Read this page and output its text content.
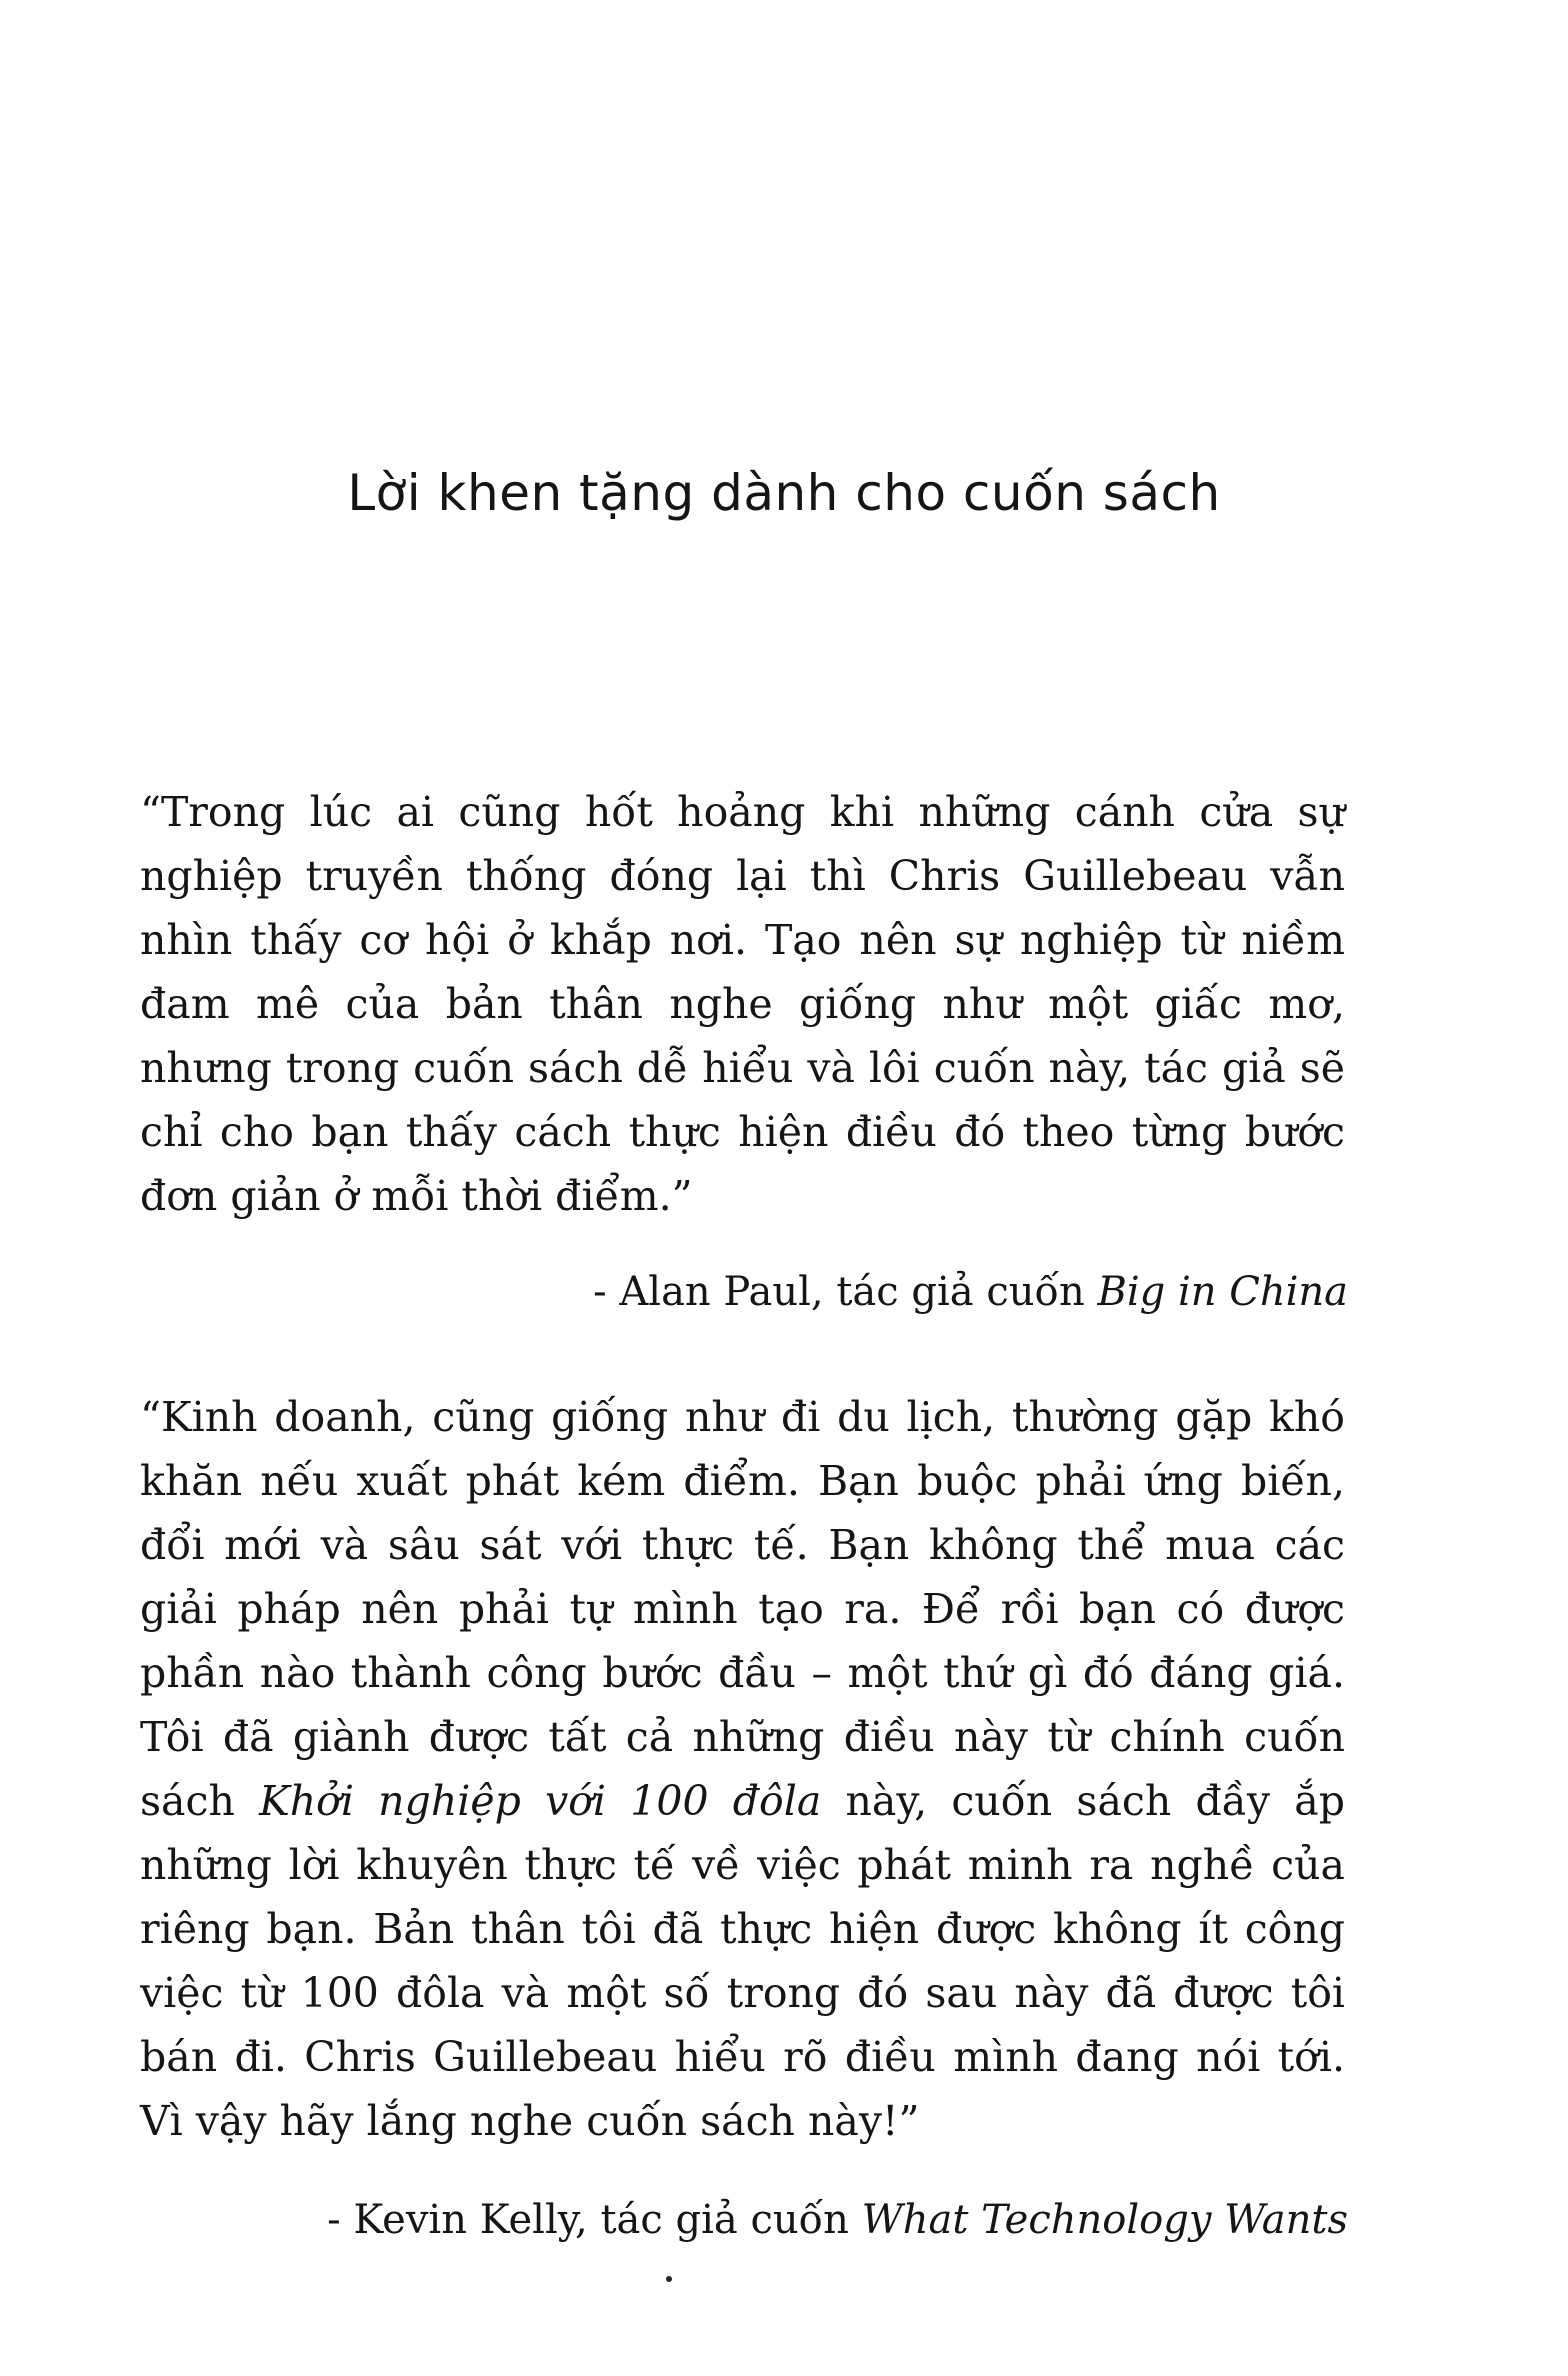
Lời khen tặng dành cho cuốn sách
“Trong lúc ai cũng hốt hoảng khi những cánh cửa sự nghiệp truyền thống đóng lại thì Chris Guillebeau vẫn nhìn thấy cơ hội ở khắp nơi. Tạo nên sự nghiệp từ niềm đam mê của bản thân nghe giống như một giấc mơ, nhưng trong cuốn sách dễ hiểu và lôi cuốn này, tác giả sẽ chỉ cho bạn thấy cách thực hiện điều đó theo từng bước đơn giản ở mỗi thời điểm.”
- Alan Paul, tác giả cuốn Big in China
“Kinh doanh, cũng giống như đi du lịch, thường gặp khó khăn nếu xuất phát kém điểm. Bạn buộc phải ứng biến, đổi mới và sâu sát với thực tế. Bạn không thể mua các giải pháp nên phải tự mình tạo ra. Để rồi bạn có được phần nào thành công bước đầu – một thứ gì đó đáng giá. Tôi đã giành được tất cả những điều này từ chính cuốn sách Khởi nghiệp với 100 đôla này, cuốn sách đầy ắp những lời khuyên thực tế về việc phát minh ra nghề của riêng bạn. Bản thân tôi đã thực hiện được không ít công việc từ 100 đôla và một số trong đó sau này đã được tôi bán đi. Chris Guillebeau hiểu rõ điều mình đang nói tới. Vì vậy hãy lắng nghe cuốn sách này!”
- Kevin Kelly, tác giả cuốn What Technology Wants
